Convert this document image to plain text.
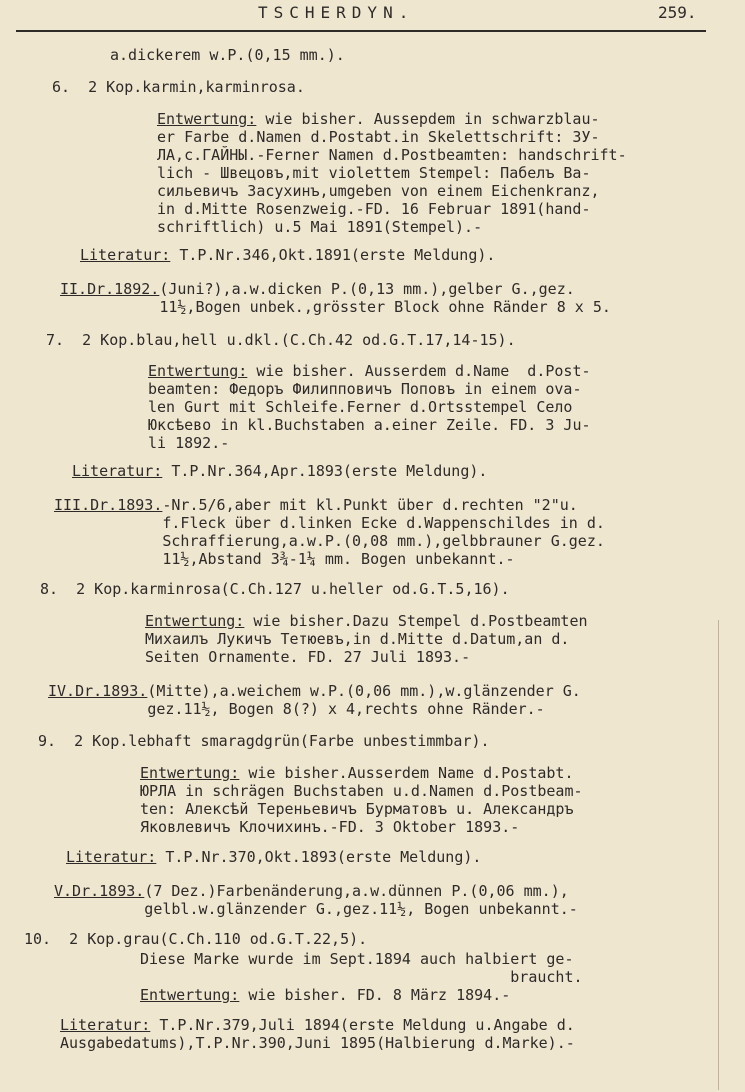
TSCHERDYN.	259.
a.dickerem w.P.(0,15 mm.).
6.  2 Kop.karmin,karminrosa.
Entwertung: wie bisher. Aussepdem in schwarzblau-
er Farbe d.Namen d.Postabt.in Skelettschrift: ЗУ-
ЛА,с.ГАЙНЫ.-Ferner Namen d.Postbeamten: handschrift-
lich - Швецовъ,mit violettem Stempel: Пабелъ Ва-
сильевичъ Засухинъ,umgeben von einem Eichenkranz,
in d.Mitte Rosenzweig.-FD. 16 Februar 1891(hand-
schriftlich) u.5 Mai 1891(Stempel).-
Literatur: T.P.Nr.346,Okt.1891(erste Meldung).
II.Dr.1892.(Juni?),a.w.dicken P.(0,13 mm.),gelber G.,gez.
11½,Bogen unbek.,grösster Block ohne Ränder 8 x 5.
7.  2 Kop.blau,hell u.dkl.(C.Ch.42 od.G.T.17,14-15).
Entwertung: wie bisher. Ausserdem d.Name  d.Post-
beamten: Федоръ Филипповичъ Поповъ in einem ova-
len Gurt mit Schleife.Ferner d.Ortsstempel Село
Юксѣево in kl.Buchstaben a.einer Zeile. FD. 3 Ju-
li 1892.-
Literatur: T.P.Nr.364,Apr.1893(erste Meldung).
III.Dr.1893.-Nr.5/6,aber mit kl.Punkt über d.rechten "2"u.
f.Fleck über d.linken Ecke d.Wappenschildes in d.
Schraffierung,a.w.P.(0,08 mm.),gelbbrauner G.gez.
11½,Abstand 3¾-1¼ mm. Bogen unbekannt.-
8.  2 Kop.karminrosa(C.Ch.127 u.heller od.G.T.5,16).
Entwertung: wie bisher.Dazu Stempel d.Postbeamten
Михаилъ Лукичъ Тетюевъ,in d.Mitte d.Datum,an d.
Seiten Ornamente. FD. 27 Juli 1893.-
IV.Dr.1893.(Mitte),a.weichem w.P.(0,06 mm.),w.glänzender G.
gez.11½, Bogen 8(?) x 4,rechts ohne Ränder.-
9.  2 Kop.lebhaft smaragdgrün(Farbe unbestimmbar).
Entwertung: wie bisher.Ausserdem Name d.Postabt.
ЮРЛА in schrägen Buchstaben u.d.Namen d.Postbeam-
ten: Алексѣй Тереньевичъ Бурматовъ u. Александръ
Яковлевичъ Клочихинъ.-FD. 3 Oktober 1893.-
Literatur: T.P.Nr.370,Okt.1893(erste Meldung).
V.Dr.1893.(7 Dez.)Farbenänderung,a.w.dünnen P.(0,06 mm.),
gelbl.w.glänzender G.,gez.11½, Bogen unbekannt.-
10.  2 Kop.grau(C.Ch.110 od.G.T.22,5).
Diese Marke wurde im Sept.1894 auch halbiert ge-
braucht.
Entwertung: wie bisher. FD. 8 März 1894.-
Literatur: T.P.Nr.379,Juli 1894(erste Meldung u.Angabe d.
Ausgabedatums),T.P.Nr.390,Juni 1895(Halbierung d.Marke).-
